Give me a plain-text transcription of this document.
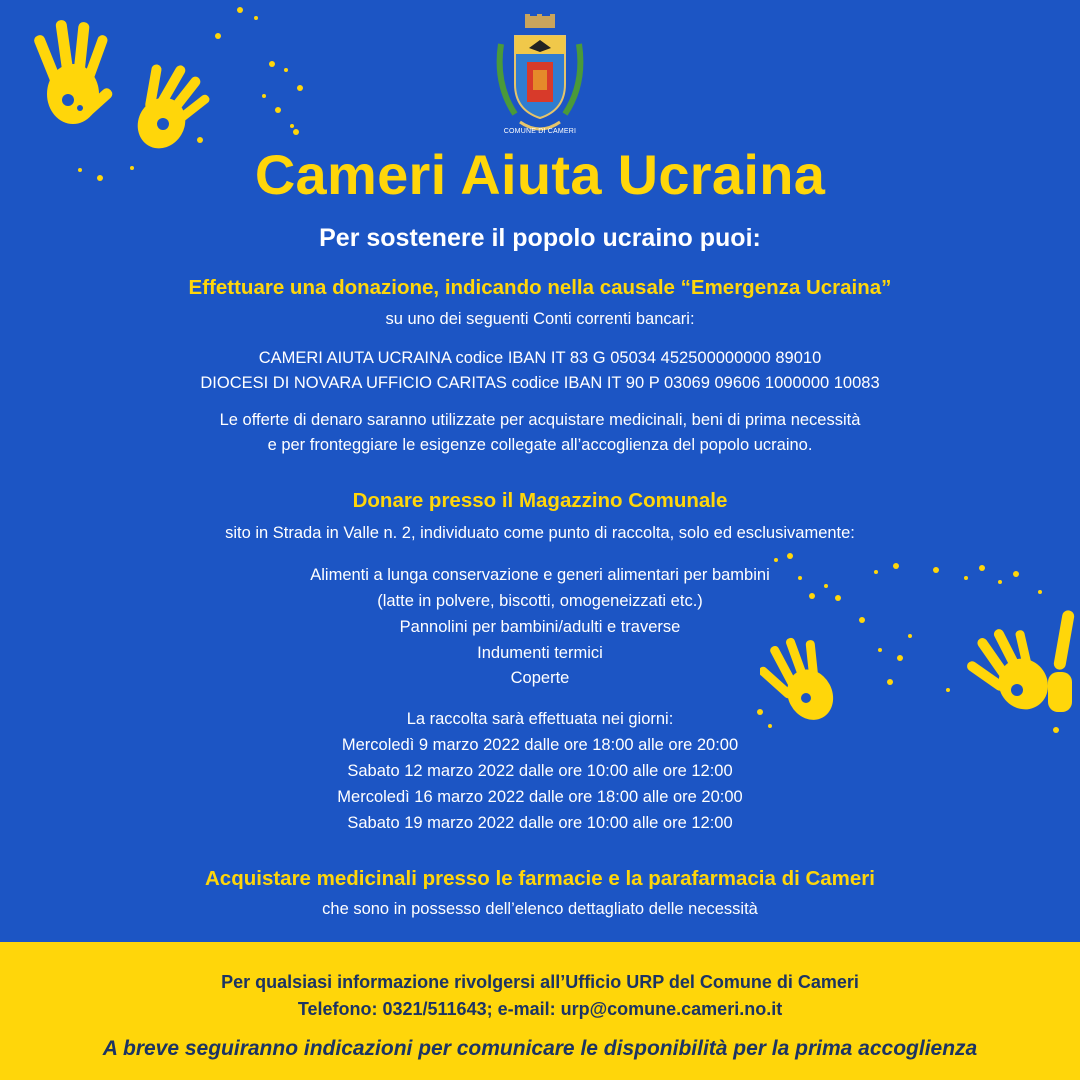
COMUNE DI CAMERI
Cameri Aiuta Ucraina
Per sostenere il popolo ucraino puoi:
Effettuare una donazione, indicando nella causale “Emergenza Ucraina”
su uno dei seguenti Conti correnti bancari:
CAMERI AIUTA UCRAINA codice IBAN IT 83 G 05034 452500000000 89010
DIOCESI DI NOVARA UFFICIO CARITAS codice IBAN IT 90 P 03069 09606 1000000 10083
Le offerte di denaro saranno utilizzate per acquistare medicinali, beni di prima necessità
e per fronteggiare le esigenze collegate all’accoglienza del popolo ucraino.
Donare presso il Magazzino Comunale
sito in Strada in Valle n. 2, individuato come punto di raccolta, solo ed esclusivamente:
Alimenti a lunga conservazione e generi alimentari per bambini
(latte in polvere, biscotti, omogeneizzati etc.)
Pannolini per bambini/adulti e traverse
Indumenti termici
Coperte
La raccolta sarà effettuata nei giorni:
Mercoledì 9 marzo 2022 dalle ore 18:00 alle ore 20:00
Sabato 12 marzo 2022 dalle ore 10:00 alle ore 12:00
Mercoledì 16 marzo 2022 dalle ore 18:00 alle ore 20:00
Sabato 19 marzo 2022 dalle ore 10:00 alle ore 12:00
Acquistare medicinali presso le farmacie e la parafarmacia di Cameri
che sono in possesso dell’elenco dettagliato delle necessità
Per qualsiasi informazione rivolgersi all’Ufficio URP del Comune di Cameri
Telefono: 0321/511643; e-mail: urp@comune.cameri.no.it
A breve seguiranno indicazioni per comunicare le disponibilità per la prima accoglienza
